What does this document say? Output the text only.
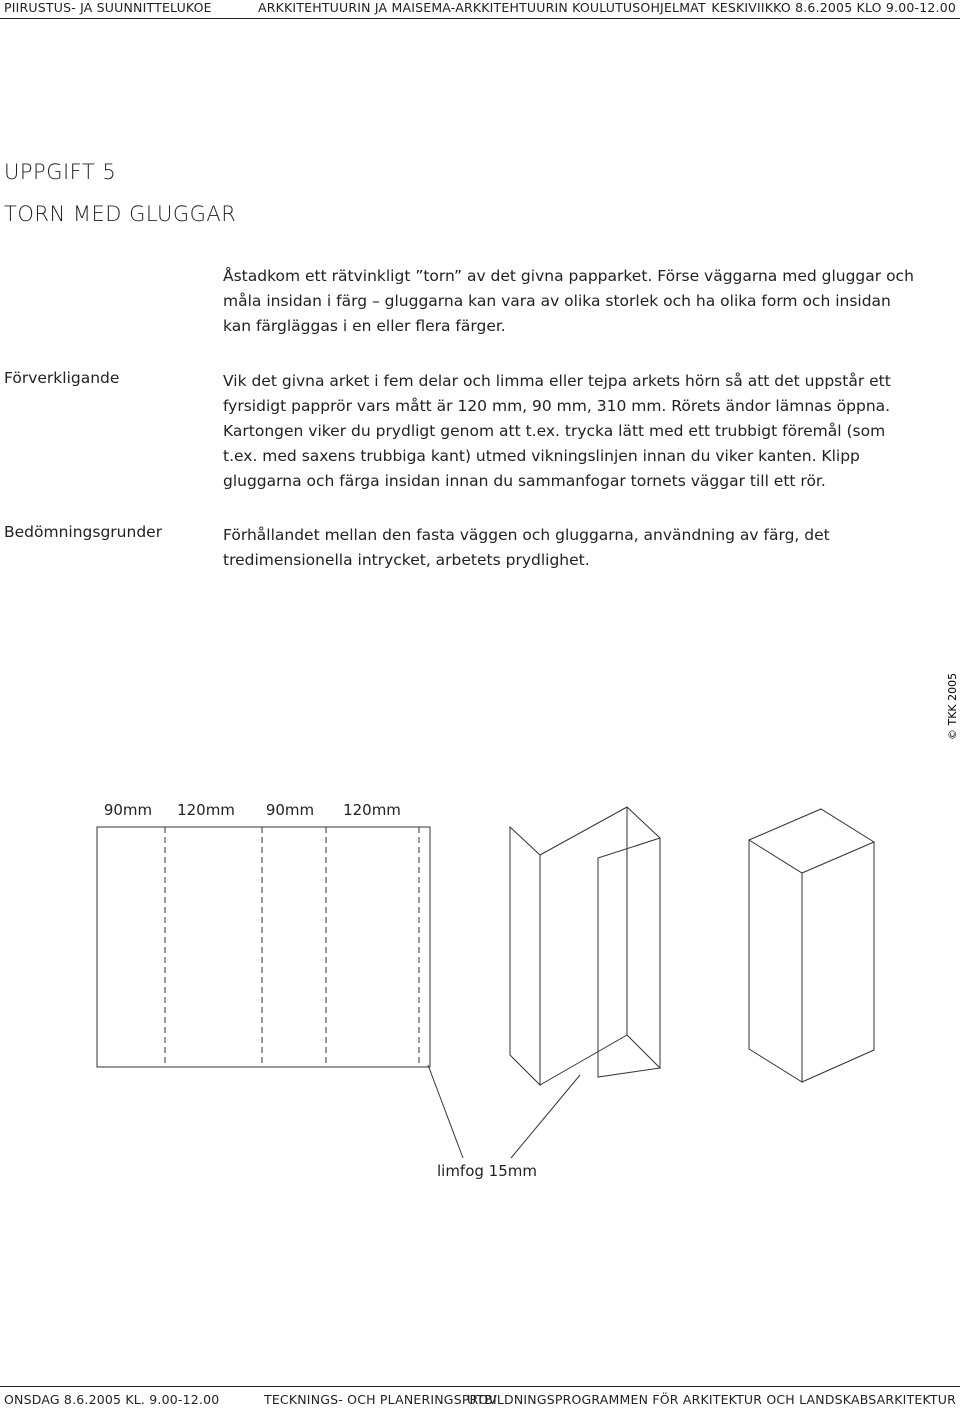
PIIRUSTUS- JA SUUNNITTELUKOE	ARKKITEHTUURIN JA MAISEMA-ARKKITEHTUURIN KOULUTUSOHJELMAT KESKIVIIKKO 8.6.2005 KLO 9.00-12.00
UPPGIFT 5
TORN MED GLUGGAR
Åstadkom ett rätvinkligt ”torn” av det givna papparket. Förse väggarna med gluggar och måla insidan i färg – gluggarna kan vara av olika storlek och ha olika form och insidan kan färgläggas i en eller flera färger.
Förverkligande	Vik det givna arket i fem delar och limma eller tejpa arkets hörn så att det uppstår ett fyrsidigt papprör vars mått är 120 mm, 90 mm, 310 mm. Rörets ändor lämnas öppna. Kartongen viker du prydligt genom att t.ex. trycka lätt med ett trubbigt föremål (som t.ex. med saxens trubbiga kant) utmed vikningslinjen innan du viker kanten. Klipp gluggarna och färga insidan innan du sammanfogar tornets väggar till ett rör.
Bedömningsgrunder	Förhållandet mellan den fasta väggen och gluggarna, användning av färg, det tredimensionella intrycket, arbetets prydlighet.
© TKK 2005
90mm 120mm 90mm 120mm
limfog 15mm
ONSDAG 8.6.2005 KL. 9.00-12.00	TECKNINGS- OCH PLANERINGSPROV
UTBILDNINGSPROGRAMMEN FÖR ARKITEKTUR OCH LANDSKABSARKITEKTUR
